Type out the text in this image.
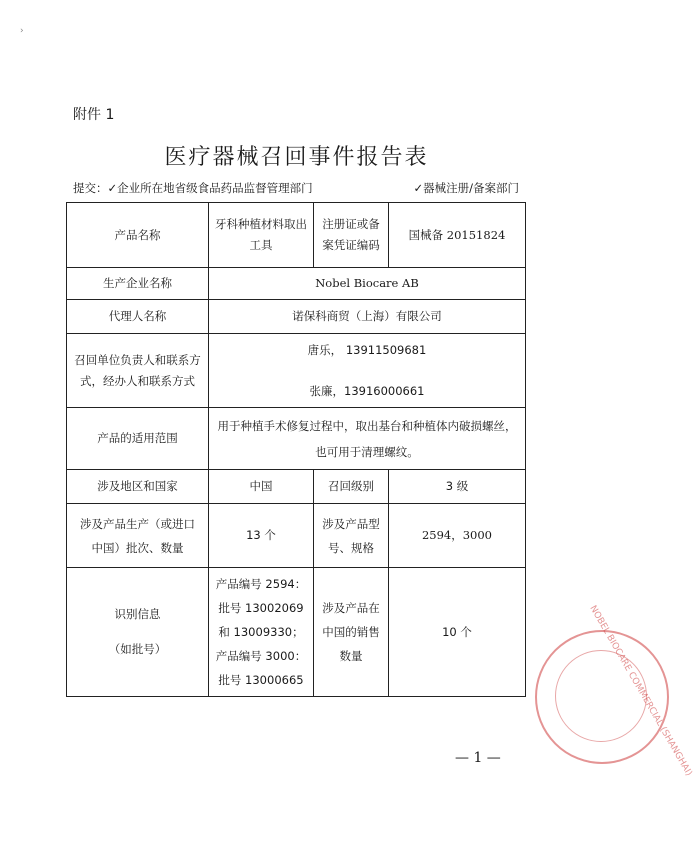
›
附件 1
医疗器械召回事件报告表
提交：✓企业所在地省级食品药品监督管理部门	✓器械注册/备案部门
产品名称	牙科种植材料取出工具	注册证或备案凭证编码	国械备 20151824
生产企业名称	Nobel Biocare AB		
代理人名称	诺保科商贸（上海）有限公司		
召回单位负责人和联系方式，经办人和联系方式	唐乐， 13911509681
张廉，13916000661		

产品的适用范围	用于种植手术修复过程中，取出基台和种植体内破损螺丝，也可用于清理螺纹。		
涉及地区和国家	中国	召回级别	3 级
涉及产品生产（或进口中国）批次、数量	13 个	涉及产品型号、规格	2594，3000

识别信息
（如批号）	产品编号 2594：批号 13002069 和 13009330；产品编号 3000：批号 13000665	涉及产品在中国的销售数量	10 个
— 1 —	NOBEL BIOCARE COMMERCIAL (SHANGHAI)
